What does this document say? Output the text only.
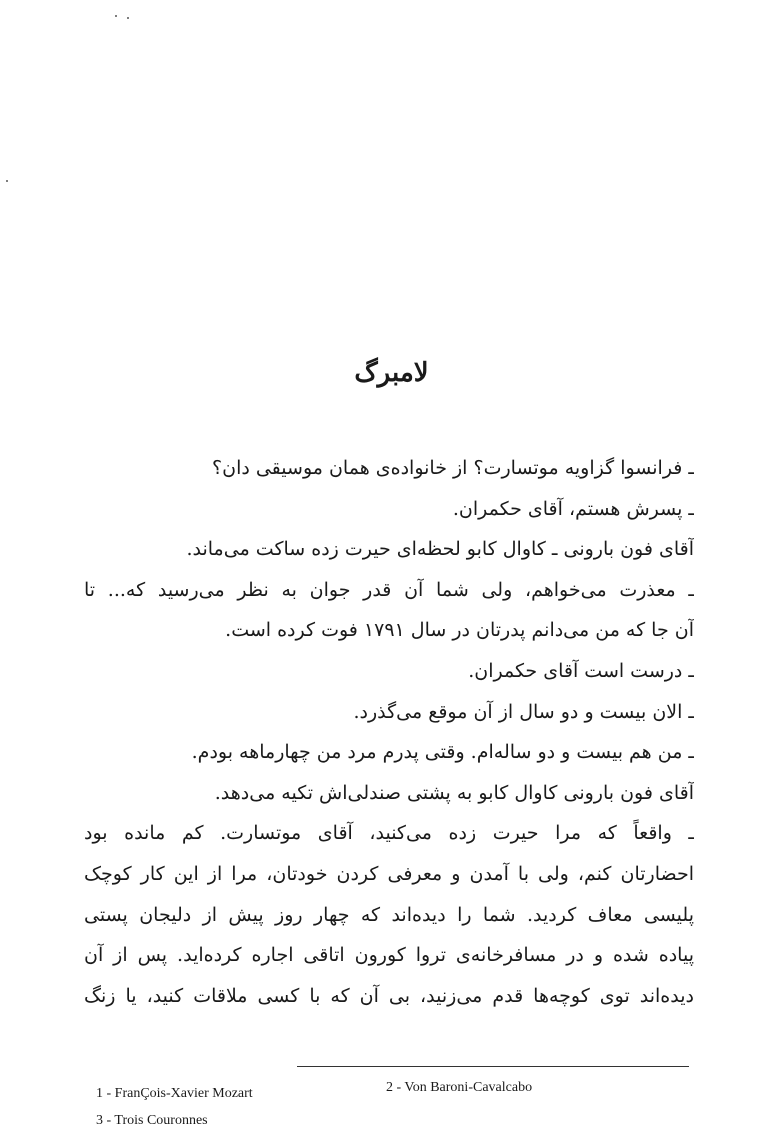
لامبرگ
ـ فرانسوا گزاویه موتسارت؟ از خانواده‌ی همان موسیقی دان؟
ـ پسرش هستم، آقای حکمران.
آقای فون بارونی ـ کاوال کابو لحظه‌ای حیرت زده ساکت می‌ماند.
ـ معذرت می‌خواهم، ولی شما آن قدر جوان به نظر می‌رسید که... تا
آن جا که من می‌دانم پدرتان در سال ۱۷۹۱ فوت کرده است.
ـ درست است آقای حکمران.
ـ الان بیست و دو سال از آن موقع می‌گذرد.
ـ من هم بیست و دو ساله‌ام. وقتی پدرم مرد من چهارماهه بودم.
آقای فون بارونی کاوال کابو به پشتی صندلی‌اش تکیه می‌دهد.
ـ واقعاً که مرا حیرت زده می‌کنید، آقای موتسارت. کم مانده بود
احضارتان کنم، ولی با آمدن و معرفی کردن خودتان، مرا از این کار کوچک
پلیسی معاف کردید. شما را دیده‌اند که چهار روز پیش از دلیجان پستی
پیاده شده و در مسافرخانه‌ی تروا کورون اتاقی اجاره کرده‌اید. پس از آن
دیده‌اند توی کوچه‌ها قدم می‌زنید، بی آن که با کسی ملاقات کنید، یا زنگ
1 - FranÇois-Xavier Mozart	2 - Von Baroni-Cavalcabo
3 - Trois Couronnes
